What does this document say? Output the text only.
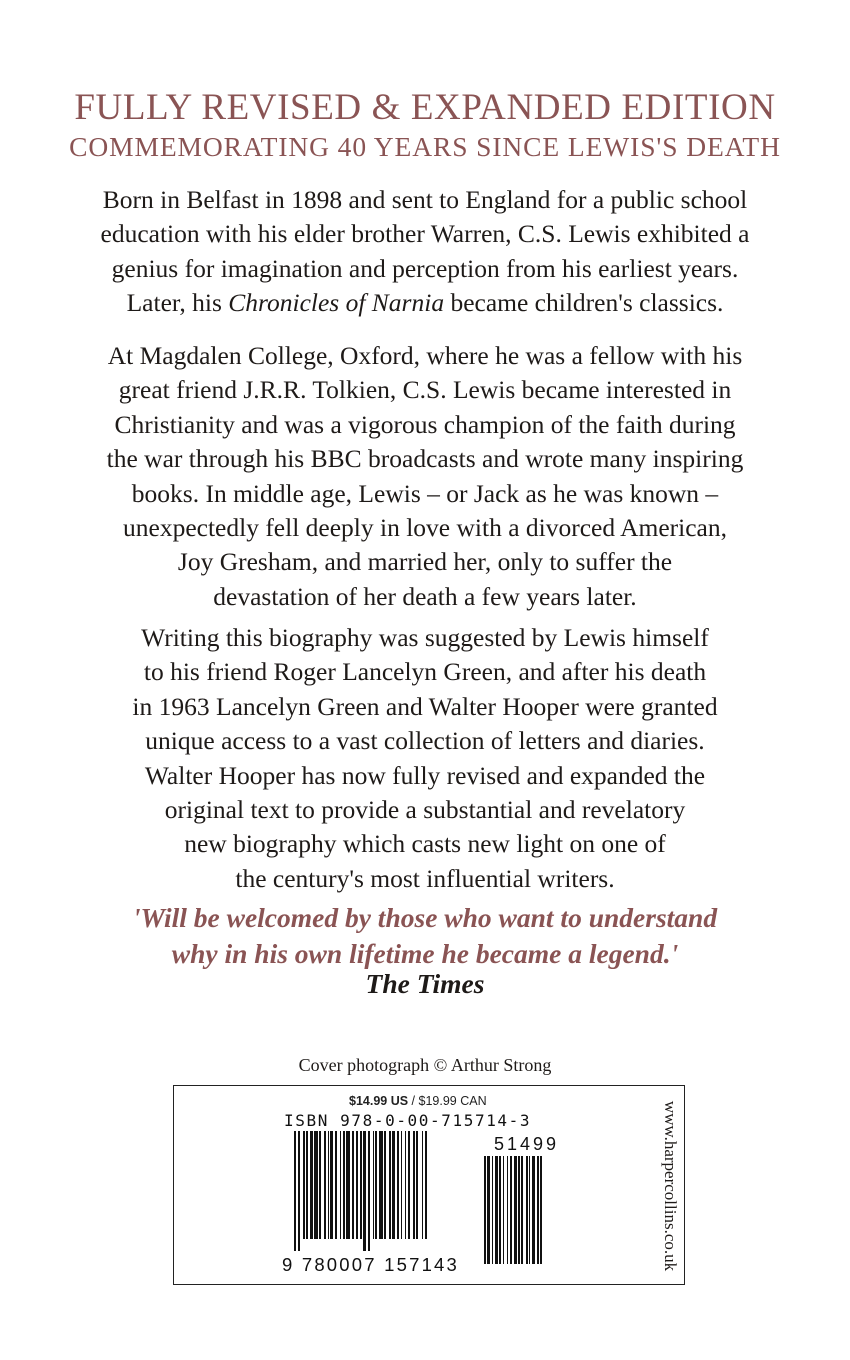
FULLY REVISED & EXPANDED EDITION
COMMEMORATING 40 YEARS SINCE LEWIS'S DEATH
Born in Belfast in 1898 and sent to England for a public school
education with his elder brother Warren, C.S. Lewis exhibited a
genius for imagination and perception from his earliest years.
Later, his Chronicles of Narnia became children's classics.
At Magdalen College, Oxford, where he was a fellow with his
great friend J.R.R. Tolkien, C.S. Lewis became interested in
Christianity and was a vigorous champion of the faith during
the war through his BBC broadcasts and wrote many inspiring
books. In middle age, Lewis – or Jack as he was known –
unexpectedly fell deeply in love with a divorced American,
Joy Gresham, and married her, only to suffer the
devastation of her death a few years later.
Writing this biography was suggested by Lewis himself
to his friend Roger Lancelyn Green, and after his death
in 1963 Lancelyn Green and Walter Hooper were granted
unique access to a vast collection of letters and diaries.
Walter Hooper has now fully revised and expanded the
original text to provide a substantial and revelatory
new biography which casts new light on one of
the century's most influential writers.
'Will be welcomed by those who want to understand
why in his own lifetime he became a legend.'
The Times
Cover photograph © Arthur Strong
$14.99 US / $19.99 CAN
ISBN 978-0-00-715714-3
51499
9 780007 157143	www.harpercollins.co.uk
